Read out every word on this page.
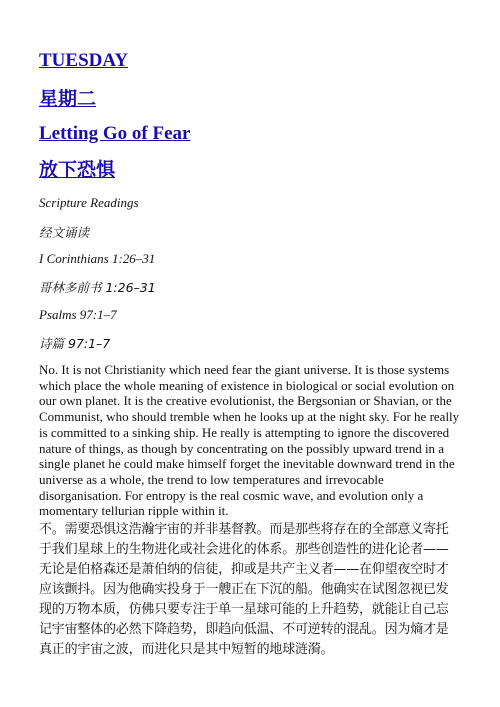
TUESDAY
星期二
Letting Go of Fear
放下恐惧
Scripture Readings
经文诵读
I Corinthians 1:26–31
哥林多前书 1:26–31
Psalms 97:1–7
诗篇 97:1–7

No. It is not Christianity which need fear the giant universe. It is those systems which place the whole meaning of existence in biological or social evolution on our own planet. It is the creative evolutionist, the Bergsonian or Shavian, or the Communist, who should tremble when he looks up at the night sky. For he really is committed to a sinking ship. He really is attempting to ignore the discovered nature of things, as though by concentrating on the possibly upward trend in a single planet he could make himself forget the inevitable downward trend in the universe as a whole, the trend to low temperatures and irrevocable disorganisation. For entropy is the real cosmic wave, and evolution only a momentary tellurian ripple within it.

不。需要恐惧这浩瀚宇宙的并非基督教。而是那些将存在的全部意义寄托于我们星球上的生物进化或社会进化的体系。那些创造性的进化论者——无论是伯格森还是萧伯纳的信徒，抑或是共产主义者——在仰望夜空时才应该颤抖。因为他确实投身于一艘正在下沉的船。他确实在试图忽视已发现的万物本质，仿佛只要专注于单一星球可能的上升趋势，就能让自己忘记宇宙整体的必然下降趋势，即趋向低温、不可逆转的混乱。因为熵才是真正的宇宙之波，而进化只是其中短暂的地球涟漪。
